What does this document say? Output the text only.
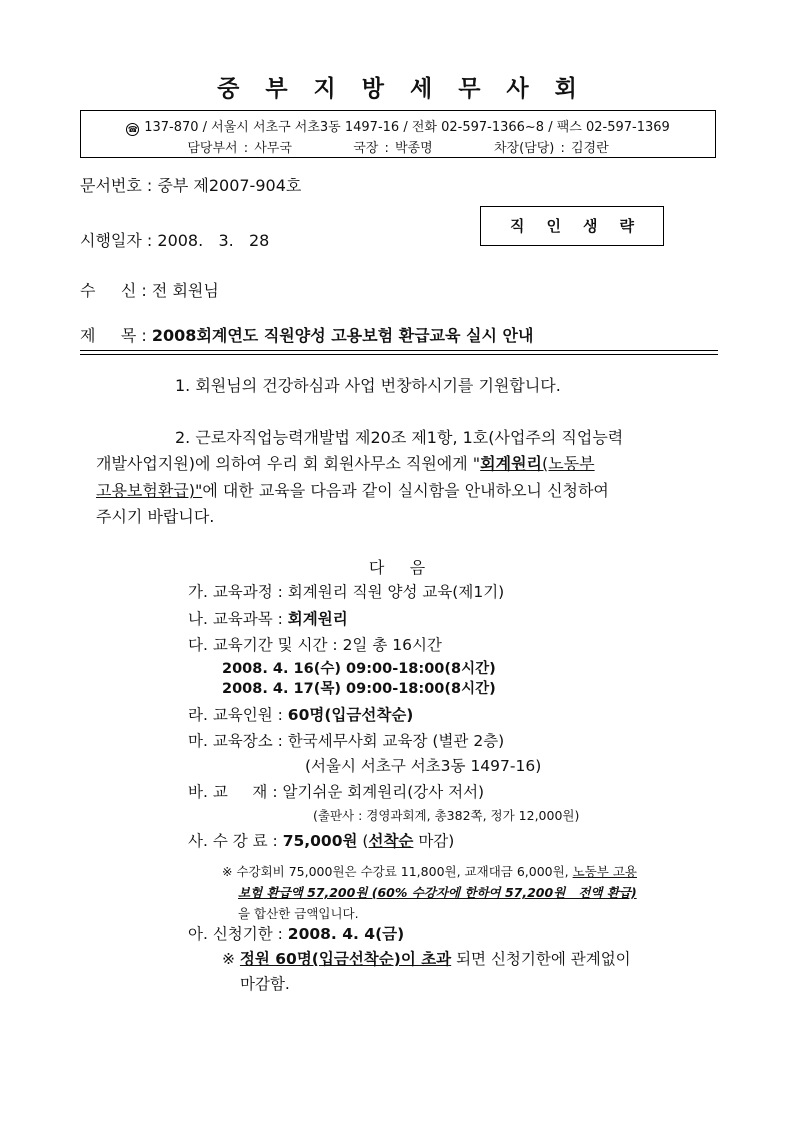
중부지방세무사회
☎ 137-870 / 서울시 서초구 서초3동 1497-16 / 전화 02-597-1366~8 / 팩스 02-597-1369
담당부서 : 사무국          국장 : 박종명          차장(담당) : 김경란
문서번호 : 중부 제2007-904호
시행일자 : 2008.   3.   28
직인생략
수     신 : 전 회원님
제     목 : 2008회계연도 직원양성 고용보험 환급교육 실시 안내
1. 회원님의 건강하심과 사업 번창하시기를 기원합니다.
2. 근로자직업능력개발법 제20조 제1항, 1호(사업주의 직업능력
개발사업지원)에 의하여 우리 회 회원사무소 직원에게 "회계원리(노동부
고용보험환급)"에 대한 교육을 다음과 같이 실시함을 안내하오니 신청하여
주시기 바랍니다.
다     음
가. 교육과정 : 회계원리 직원 양성 교육(제1기)
나. 교육과목 : 회계원리
다. 교육기간 및 시간 : 2일 총 16시간
2008. 4. 16(수) 09:00-18:00(8시간)
2008. 4. 17(목) 09:00-18:00(8시간)
라. 교육인원 : 60명(입금선착순)
마. 교육장소 : 한국세무사회 교육장 (별관 2층)
(서울시 서초구 서초3동 1497-16)
바. 교     재 : 알기쉬운 회계원리(강사 저서)
(출판사 : 경영과회계, 총382쪽, 정가 12,000원)
사. 수 강 료 : 75,000원 (선착순 마감)
※ 수강회비 75,000원은 수강료 11,800원, 교재대금 6,000원, 노동부 고용
보험 환급액 57,200원 (60% 수강자에 한하여 57,200원   전액 환급)
을 합산한 금액입니다.
아. 신청기한 : 2008. 4. 4(금)
※ 정원 60명(입금선착순)이 초과 되면 신청기한에 관계없이
마감함.
